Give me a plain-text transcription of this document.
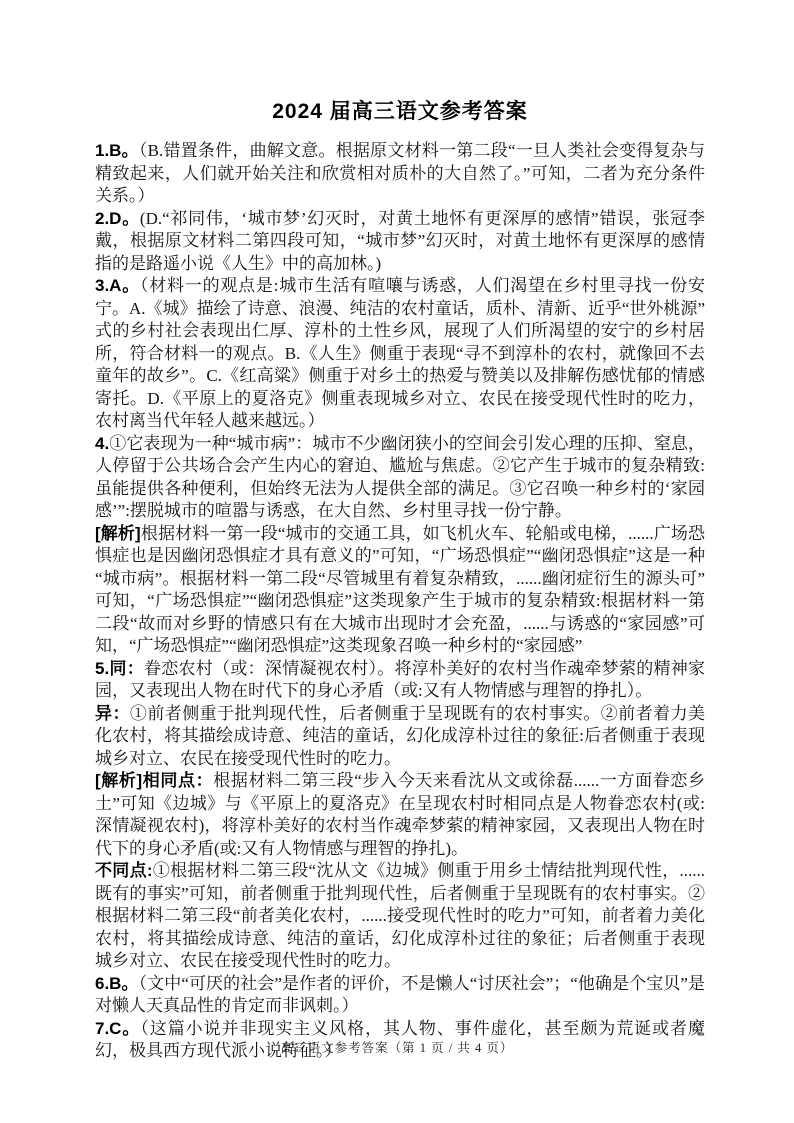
2024 届高三语文参考答案

1.B。（B.错置条件，曲解文意。根据原文材料一第二段“一旦人类社会变得复杂与精致起来，人们就开始关注和欣赏相对质朴的大自然了。”可知，二者为充分条件关系。）

2.D。(D.“祁同伟，‘城市梦’幻灭时，对黄土地怀有更深厚的感情”错误，张冠李戴，根据原文材料二第四段可知，“城市梦”幻灭时，对黄土地怀有更深厚的感情指的是路遥小说《人生》中的高加林。)

3.A。（材料一的观点是:城市生活有喧嚷与诱惑，人们渴望在乡村里寻找一份安宁。A.《城》描绘了诗意、浪漫、纯洁的农村童话，质朴、清新、近乎“世外桃源”式的乡村社会表现出仁厚、淳朴的土性乡风，展现了人们所渴望的安宁的乡村居所，符合材料一的观点。B.《人生》侧重于表现“寻不到淳朴的农村，就像回不去童年的故乡”。C.《红高粱》侧重于对乡土的热爱与赞美以及排解伤感忧郁的情感寄托。D.《平原上的夏洛克》侧重表现城乡对立、农民在接受现代性时的吃力，农村离当代年轻人越来越远。）

4.①它表现为一种“城市病”：城市不少幽闭狭小的空间会引发心理的压抑、窒息，人停留于公共场合会产生内心的窘迫、尴尬与焦虑。②它产生于城市的复杂精致:虽能提供各种便利，但始终无法为人提供全部的满足。③它召唤一种乡村的‘家园感’”:摆脱城市的喧嚣与诱惑，在大自然、乡村里寻找一份宁静。

[解析]根据材料一第一段“城市的交通工具，如飞机火车、轮船或电梯，......广场恐惧症也是因幽闭恐惧症才具有意义的”可知，“广场恐惧症”“幽闭恐惧症”这是一种“城市病”。根据材料一第二段“尽管城里有着复杂精致，......幽闭症衍生的源头可”可知，“广场恐惧症”“幽闭恐惧症”这类现象产生于城市的复杂精致:根据材料一第二段“故而对乡野的情感只有在大城市出现时才会充盈，......与诱惑的“家园感”可知，“广场恐惧症”“幽闭恐惧症”这类现象召唤一种乡村的“家园感”

5.同：眷恋农村（或：深情凝视农村）。将淳朴美好的农村当作魂牵梦萦的精神家园，又表现出人物在时代下的身心矛盾（或:又有人物情感与理智的挣扎）。

异：①前者侧重于批判现代性，后者侧重于呈现既有的农村事实。②前者着力美化农村，将其描绘成诗意、纯洁的童话，幻化成淳朴过往的象征:后者侧重于表现城乡对立、农民在接受现代性时的吃力。

[解析]相同点：根据材料二第三段“步入今天来看沈从文或徐磊......一方面眷恋乡土”可知《边城》与《平原上的夏洛克》在呈现农村时相同点是人物眷恋农村(或:深情凝视农村)，将淳朴美好的农村当作魂牵梦萦的精神家园，又表现出人物在时代下的身心矛盾(或:又有人物情感与理智的挣扎)。

不同点:①根据材料二第三段“沈从文《边城》侧重于用乡土情结批判现代性，......既有的事实”可知，前者侧重于批判现代性，后者侧重于呈现既有的农村事实。②根据材料二第三段“前者美化农村，......接受现代性时的吃力”可知，前者着力美化农村，将其描绘成诗意、纯洁的童话，幻化成淳朴过往的象征；后者侧重于表现城乡对立、农民在接受现代性时的吃力。

6.B。（文中“可厌的社会”是作者的评价，不是懒人“讨厌社会”；“他确是个宝贝”是对懒人天真品性的肯定而非讽刺。）

7.C。（这篇小说并非现实主义风格，其人物、事件虚化，甚至颇为荒诞或者魔幻，极具西方现代派小说特征。）

高三语文参考答案（第 1 页 / 共 4 页）
